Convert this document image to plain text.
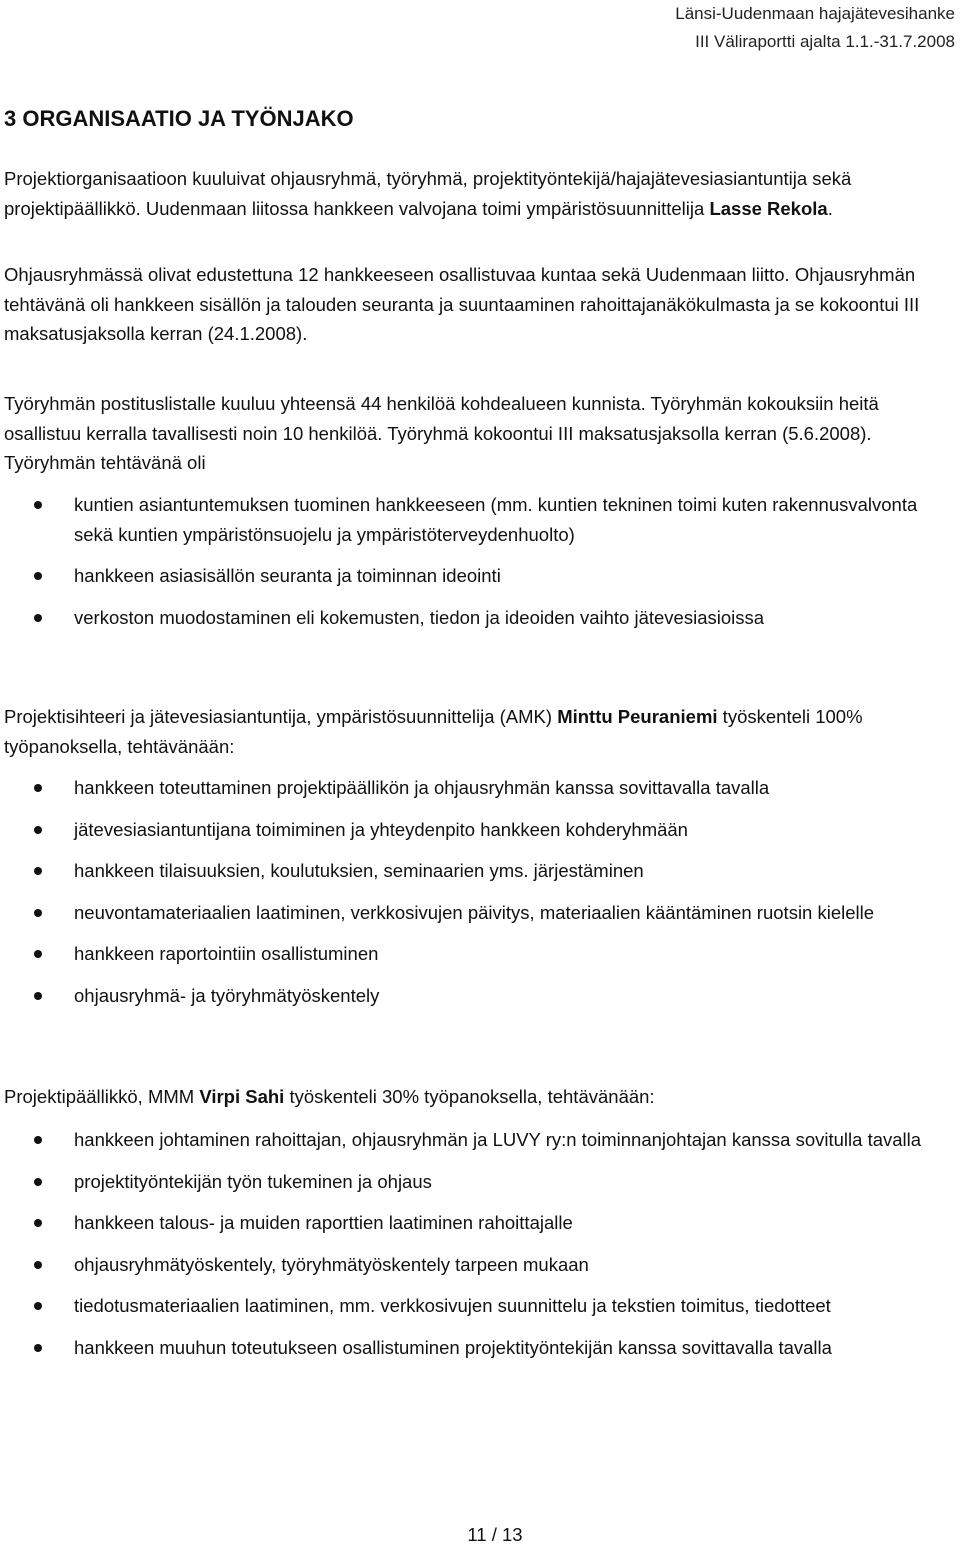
Länsi-Uudenmaan hajajätevesihanke
III Väliraportti ajalta 1.1.-31.7.2008
3 ORGANISAATIO JA TYÖNJAKO

Projektiorganisaatioon kuuluivat ohjausryhmä, työryhmä, projektityöntekijä/hajajätevesiasiantuntija sekä projektipäällikkö. Uudenmaan liitossa hankkeen valvojana toimi ympäristösuunnittelija Lasse Rekola.

Ohjausryhmässä olivat edustettuna 12 hankkeeseen osallistuvaa kuntaa sekä Uudenmaan liitto. Ohjausryhmän tehtävänä oli hankkeen sisällön ja talouden seuranta ja suuntaaminen rahoittajanäkökulmasta ja se kokoontui III maksatusjaksolla kerran (24.1.2008).

Työryhmän postituslistalle kuuluu yhteensä 44 henkilöä kohdealueen kunnista. Työryhmän kokouksiin heitä osallistuu kerralla tavallisesti noin 10 henkilöä. Työryhmä kokoontui III maksatusjaksolla kerran (5.6.2008). Työryhmän tehtävänä oli

kuntien asiantuntemuksen tuominen hankkeeseen (mm. kuntien tekninen toimi kuten rakennusvalvonta sekä kuntien ympäristönsuojelu ja ympäristöterveydenhuolto)
hankkeen asiasisällön seuranta ja toiminnan ideointi
verkoston muodostaminen eli kokemusten, tiedon ja ideoiden vaihto jätevesiasioissa

Projektisihteeri ja jätevesiasiantuntija, ympäristösuunnittelija (AMK) Minttu Peuraniemi työskenteli 100% työpanoksella, tehtävänään:

hankkeen toteuttaminen projektipäällikön ja ohjausryhmän kanssa sovittavalla tavalla
jätevesiasiantuntijana toimiminen ja yhteydenpito hankkeen kohderyhmään
hankkeen tilaisuuksien, koulutuksien, seminaarien yms. järjestäminen
neuvontamateriaalien laatiminen, verkkosivujen päivitys, materiaalien kääntäminen ruotsin kielelle
hankkeen raportointiin osallistuminen
ohjausryhmä- ja työryhmätyöskentely

Projektipäällikkö, MMM Virpi Sahi työskenteli 30% työpanoksella, tehtävänään:

hankkeen johtaminen rahoittajan, ohjausryhmän ja LUVY ry:n toiminnanjohtajan kanssa sovitulla tavalla
projektityöntekijän työn tukeminen ja ohjaus
hankkeen talous- ja muiden raporttien laatiminen rahoittajalle
ohjausryhmätyöskentely, työryhmätyöskentely tarpeen mukaan
tiedotusmateriaalien laatiminen, mm. verkkosivujen suunnittelu ja tekstien toimitus, tiedotteet
hankkeen muuhun toteutukseen osallistuminen projektityöntekijän kanssa sovittavalla tavalla
11 / 13
